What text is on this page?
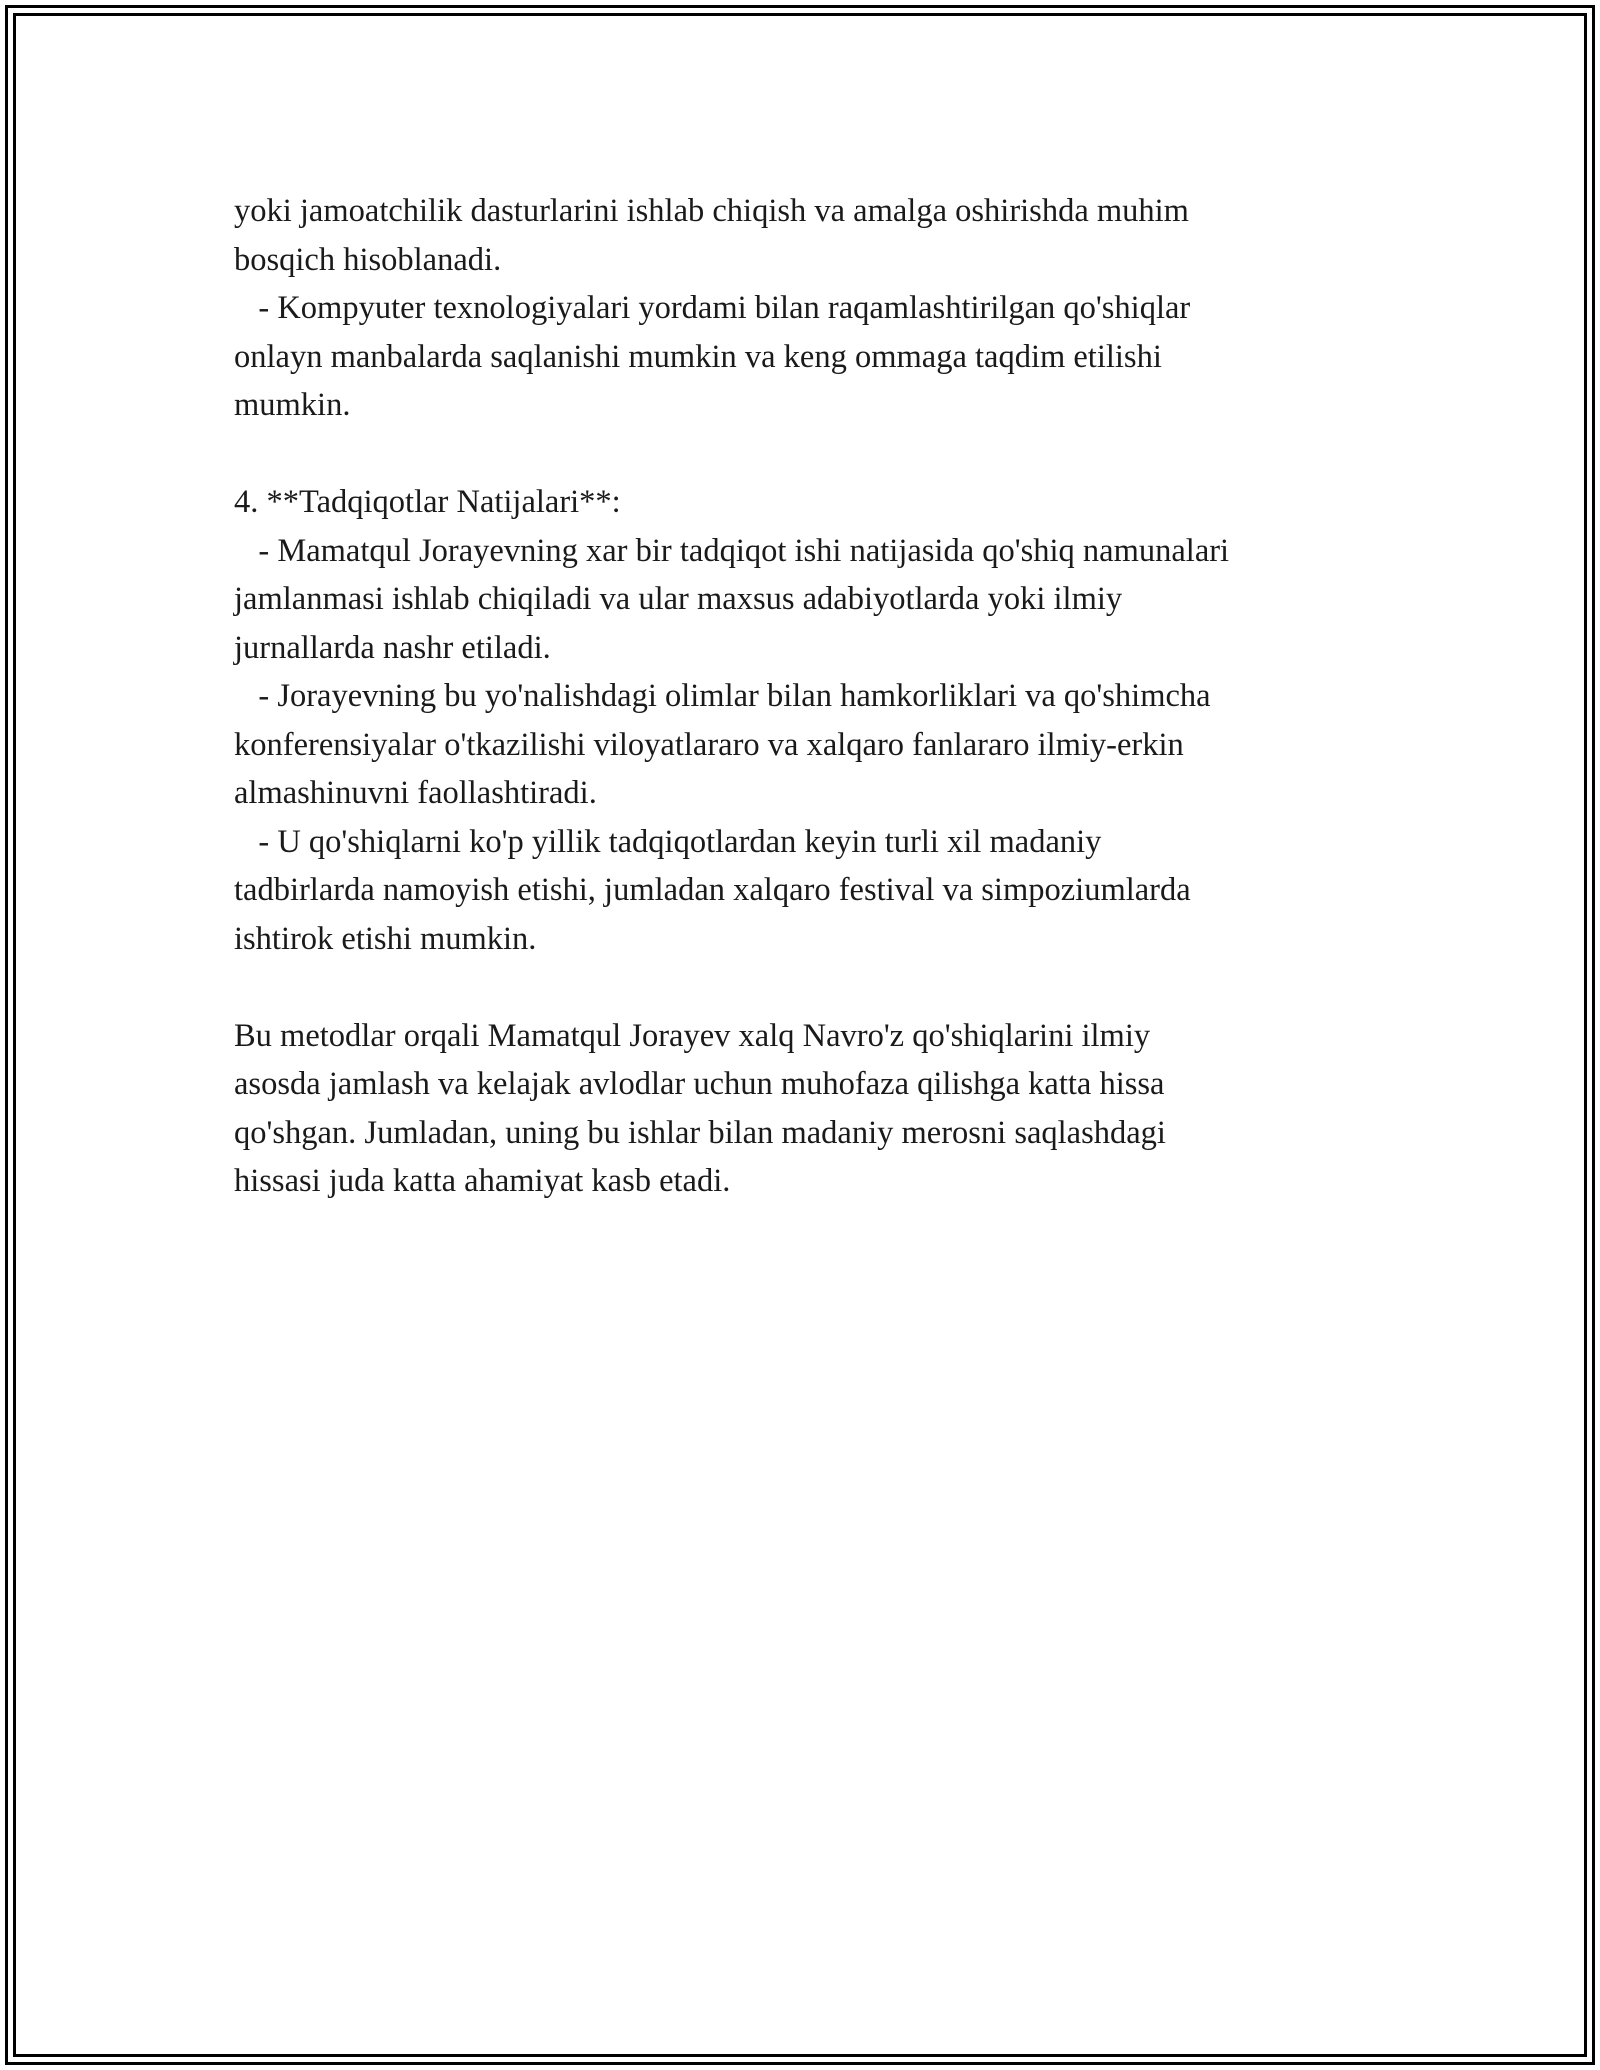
yoki jamoatchilik dasturlarini ishlab chiqish va amalga oshirishda muhim
bosqich hisoblanadi.
- Kompyuter texnologiyalari yordami bilan raqamlashtirilgan qo'shiqlar
onlayn manbalarda saqlanishi mumkin va keng ommaga taqdim etilishi
mumkin.
4. **Tadqiqotlar Natijalari**:
- Mamatqul Jorayevning xar bir tadqiqot ishi natijasida qo'shiq namunalari
jamlanmasi ishlab chiqiladi va ular maxsus adabiyotlarda yoki ilmiy
jurnallarda nashr etiladi.
- Jorayevning bu yo'nalishdagi olimlar bilan hamkorliklari va qo'shimcha
konferensiyalar o'tkazilishi viloyatlararo va xalqaro fanlararo ilmiy-erkin
almashinuvni faollashtiradi.
- U qo'shiqlarni ko'p yillik tadqiqotlardan keyin turli xil madaniy
tadbirlarda namoyish etishi, jumladan xalqaro festival va simpoziumlarda
ishtirok etishi mumkin.
Bu metodlar orqali Mamatqul Jorayev xalq Navro'z qo'shiqlarini ilmiy
asosda jamlash va kelajak avlodlar uchun muhofaza qilishga katta hissa
qo'shgan. Jumladan, uning bu ishlar bilan madaniy merosni saqlashdagi
hissasi juda katta ahamiyat kasb etadi.
